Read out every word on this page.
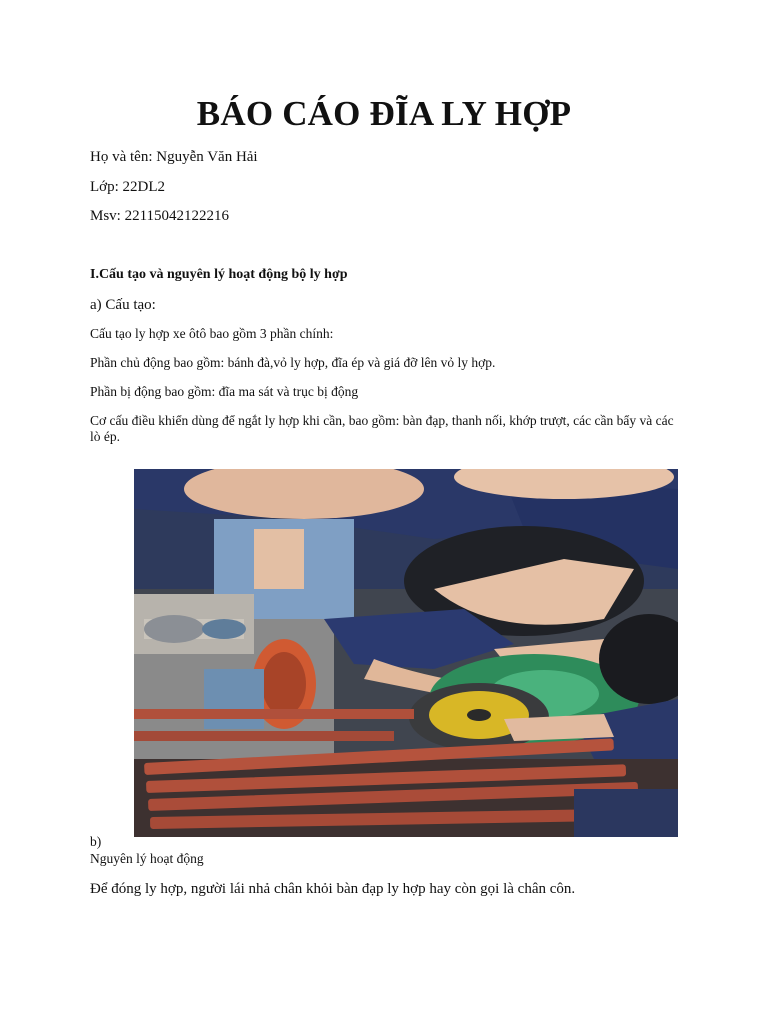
BÁO CÁO ĐĨA LY HỢP
Họ và tên: Nguyễn Văn Hải
Lớp: 22DL2
Msv: 22115042122216
I.Cấu tạo và nguyên lý hoạt động bộ ly hợp
a) Cấu tạo:
Cấu tạo ly hợp xe ôtô bao gồm 3 phần chính:
Phần chủ động bao gồm: bánh đà,vỏ ly hợp, đĩa ép và giá đỡ lên vỏ ly hợp.
Phần bị động bao gồm: đĩa ma sát và trục bị động
Cơ cấu điều khiển dùng để ngắt ly hợp khi cần, bao gồm: bàn đạp, thanh nối, khớp trượt, các cần bẩy và các lò ép.
b)
Nguyên lý hoạt động
Để đóng ly hợp, người lái nhả chân khỏi bàn đạp ly hợp hay còn gọi là chân côn.
